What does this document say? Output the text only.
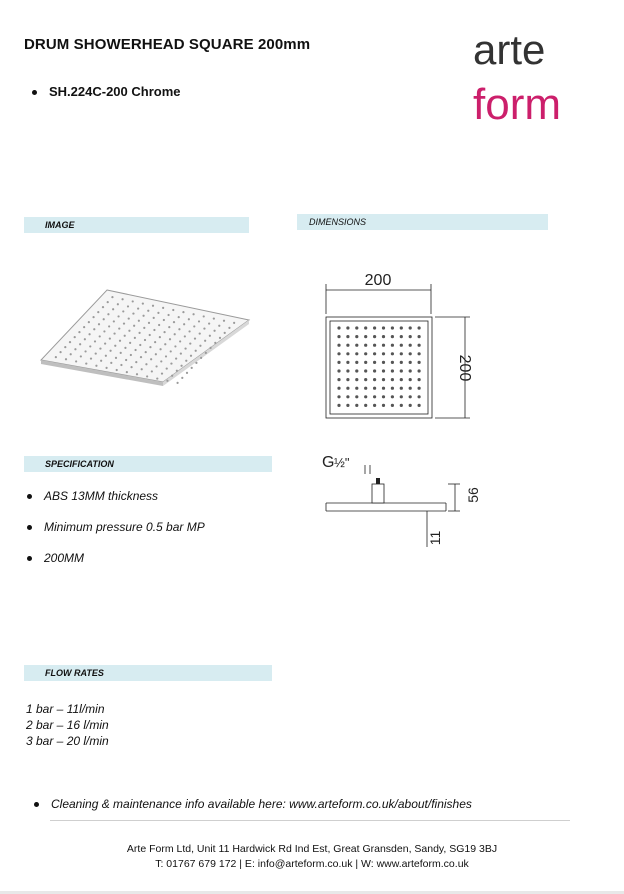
DRUM SHOWERHEAD SQUARE 200mm
SH.224C-200 Chrome
arte
form
IMAGE	DIMENSIONS
200
200
G ½"
56
11
SPECIFICATION
ABS 13MM thickness
Minimum pressure 0.5 bar MP
200MM
FLOW RATES
1 bar – 11l/min
2 bar – 16 l/min
3 bar – 20 l/min
Cleaning & maintenance info available here: www.arteform.co.uk/about/finishes
Arte Form Ltd, Unit 11 Hardwick Rd Ind Est, Great Gransden, Sandy, SG19 3BJ
T: 01767 679 172 | E: info@arteform.co.uk | W: www.arteform.co.uk
